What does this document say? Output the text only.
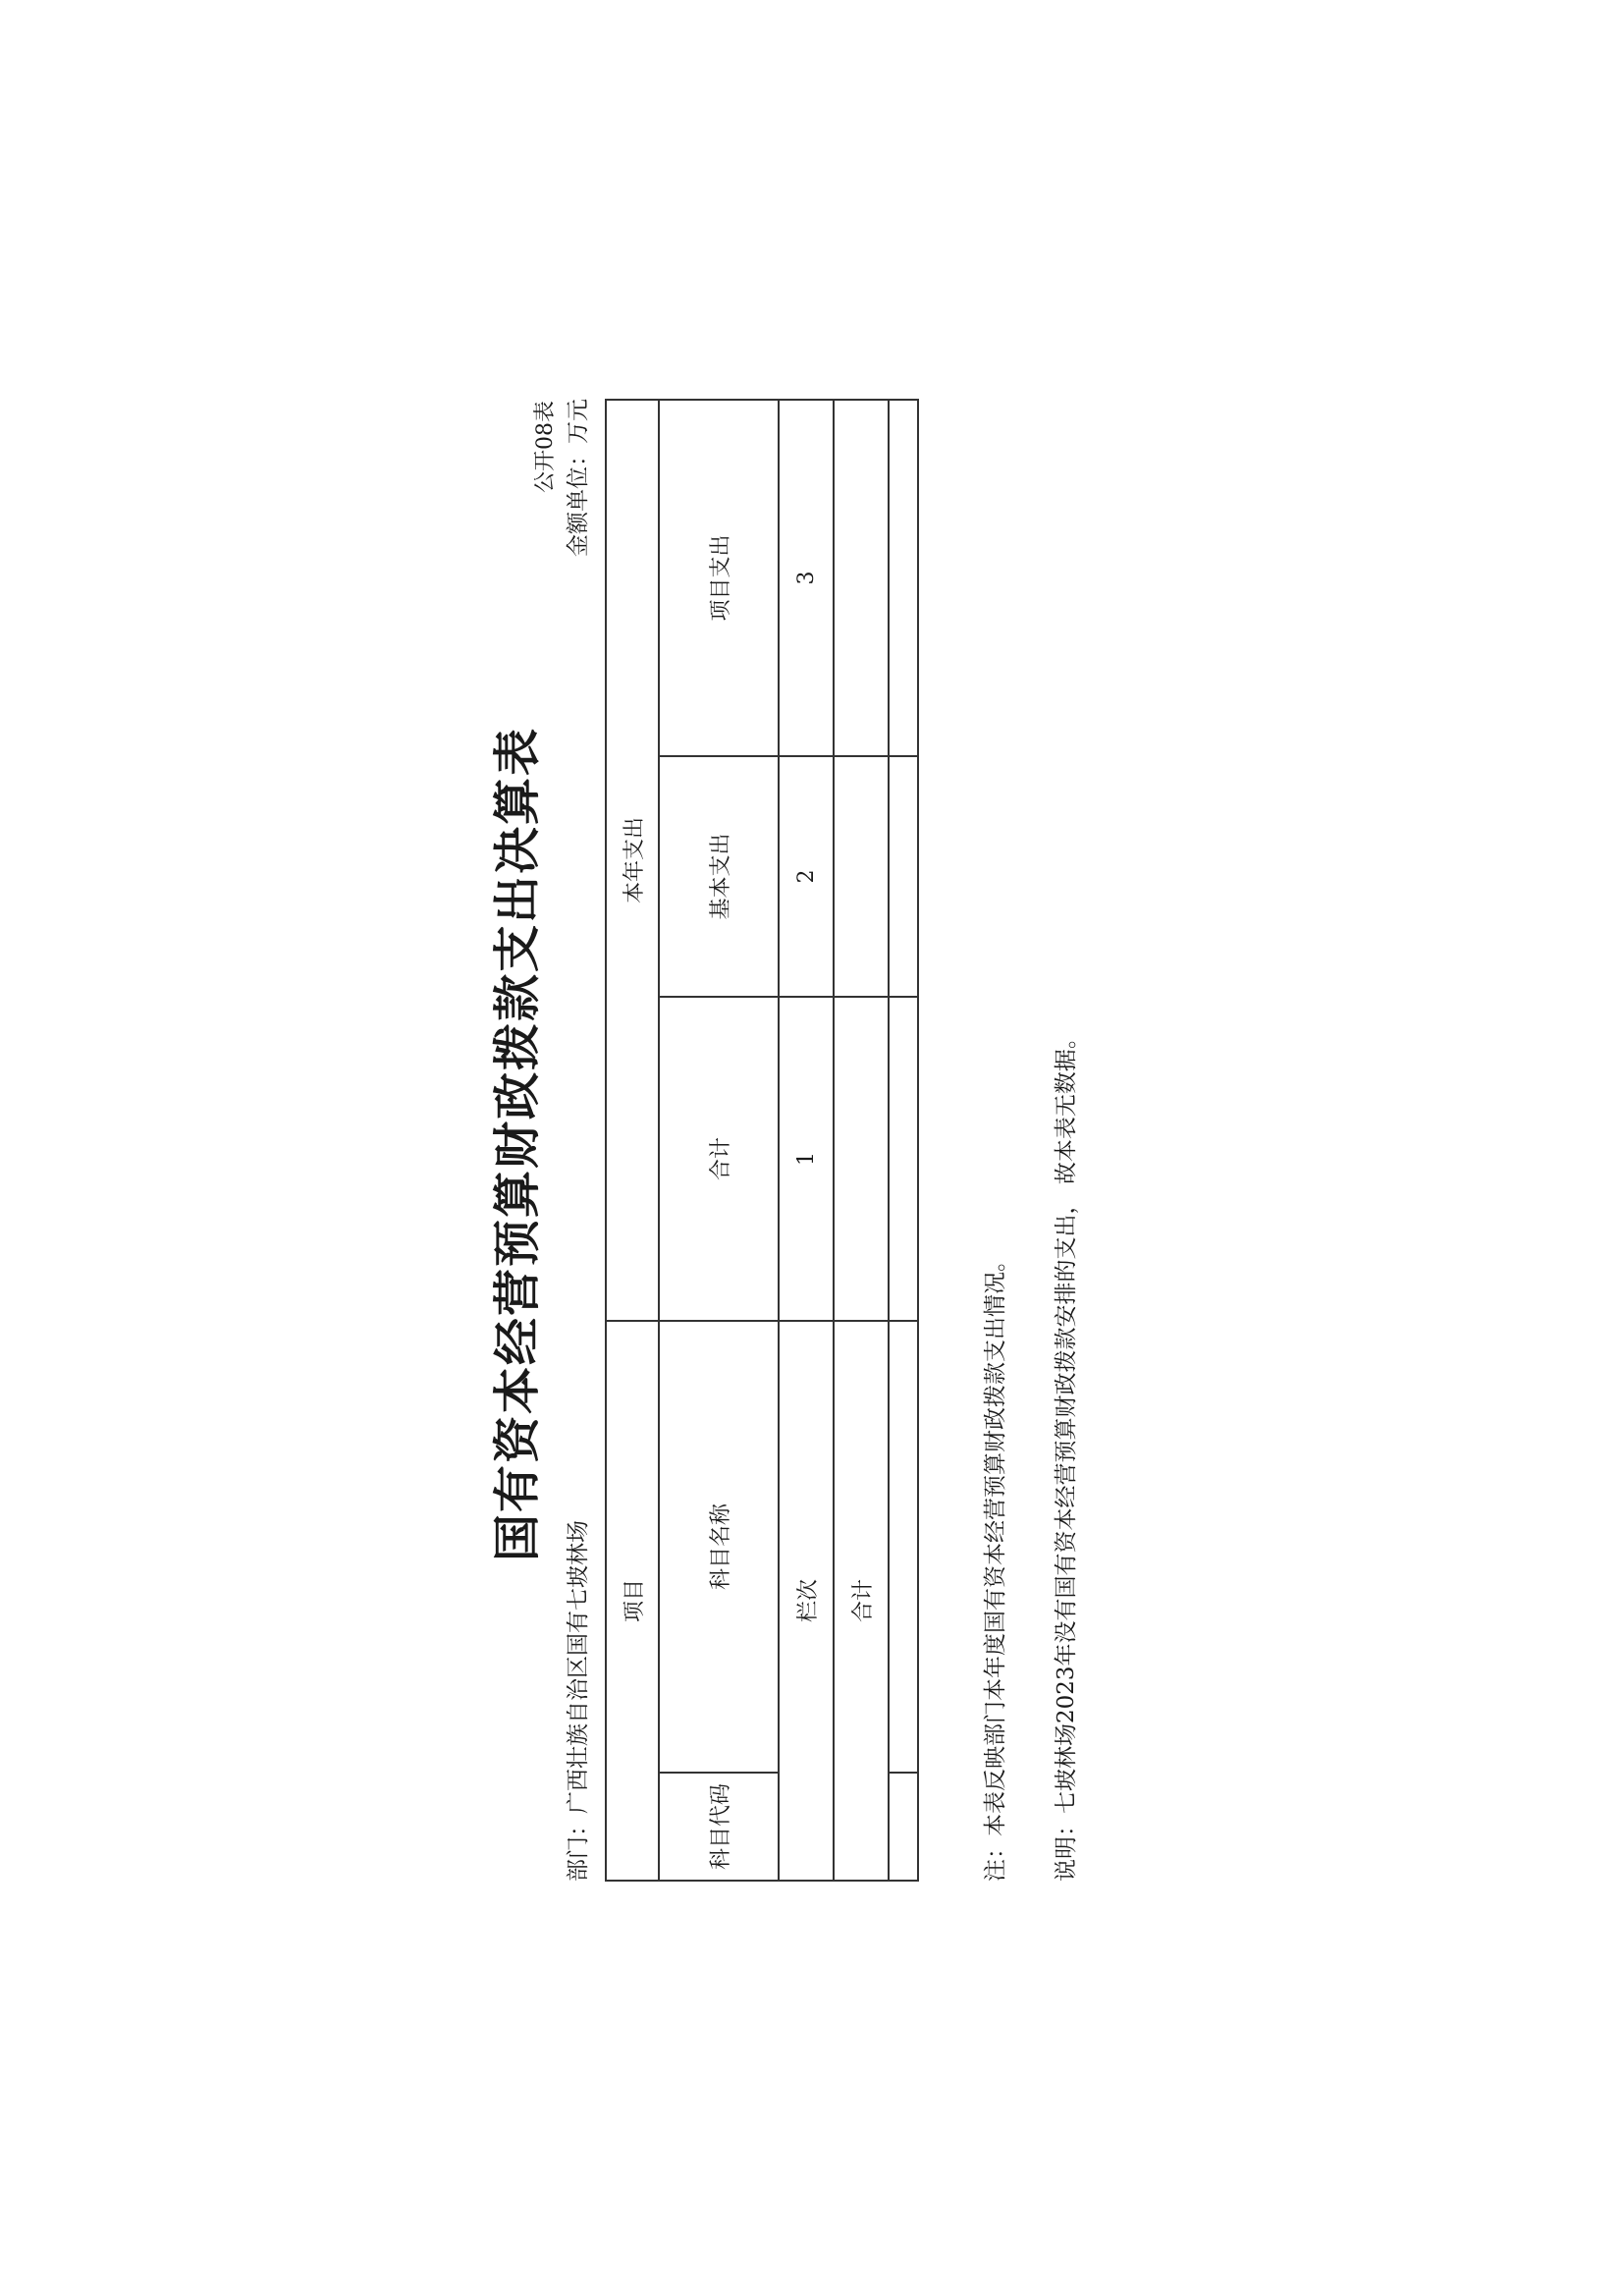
国有资本经营预算财政拨款支出决算表
公开08表
部门：广西壮族自治区国有七坡林场
金额单位：万元
项目		本年支出		
科目代码	科目名称	合计	基本支出	项目支出
栏次		1	2	3
合计				
					注：本表反映部门本年度国有资本经营预算财政拨款支出情况。	说明：七坡林场2023年没有国有资本经营预算财政拨款安排的支出， 故本表无数据。
